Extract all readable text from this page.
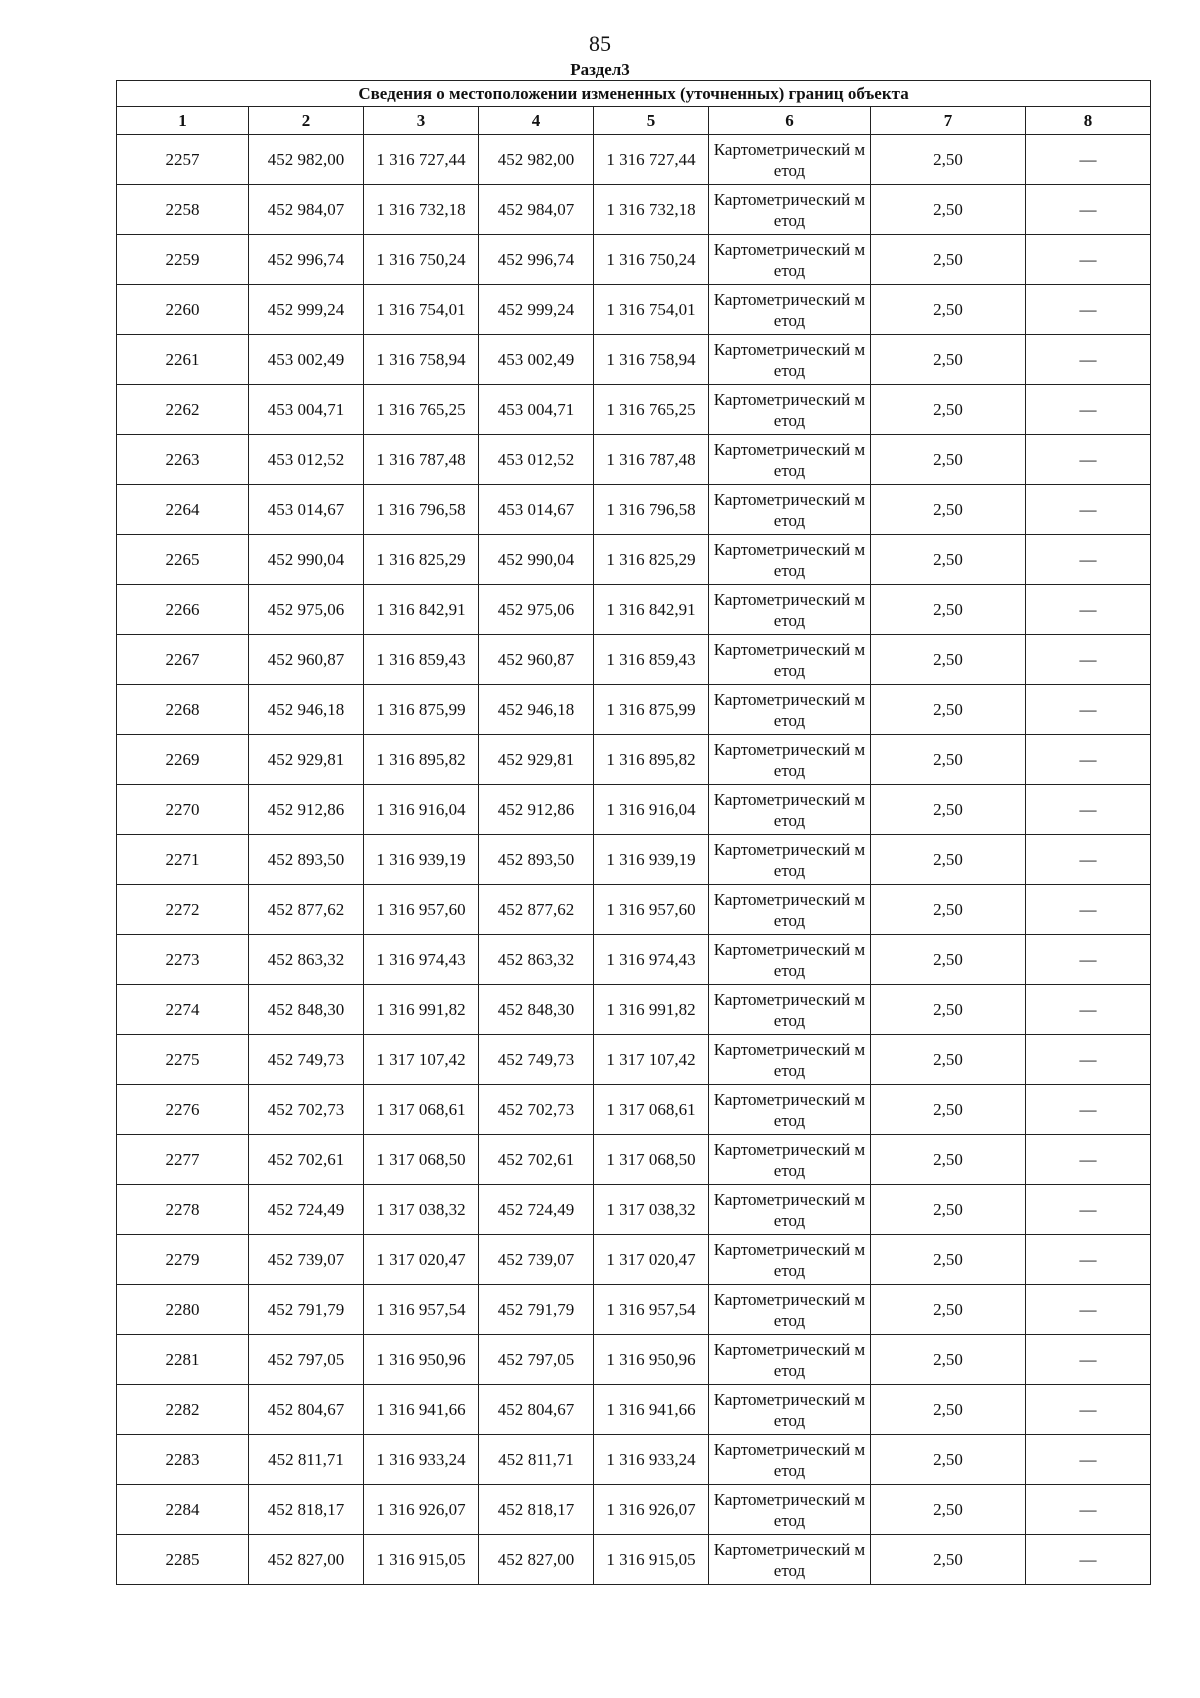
85
Раздел3
Сведения о местоположении измененных (уточненных) границ объекта							
1	2	3	4	5	6	7	8
2257	452 982,00	1 316 727,44	452 982,00	1 316 727,44	Картометрический метод	2,50	—
2258	452 984,07	1 316 732,18	452 984,07	1 316 732,18	Картометрический метод	2,50	—
2259	452 996,74	1 316 750,24	452 996,74	1 316 750,24	Картометрический метод	2,50	—
2260	452 999,24	1 316 754,01	452 999,24	1 316 754,01	Картометрический метод	2,50	—
2261	453 002,49	1 316 758,94	453 002,49	1 316 758,94	Картометрический метод	2,50	—
2262	453 004,71	1 316 765,25	453 004,71	1 316 765,25	Картометрический метод	2,50	—
2263	453 012,52	1 316 787,48	453 012,52	1 316 787,48	Картометрический метод	2,50	—
2264	453 014,67	1 316 796,58	453 014,67	1 316 796,58	Картометрический метод	2,50	—
2265	452 990,04	1 316 825,29	452 990,04	1 316 825,29	Картометрический метод	2,50	—
2266	452 975,06	1 316 842,91	452 975,06	1 316 842,91	Картометрический метод	2,50	—
2267	452 960,87	1 316 859,43	452 960,87	1 316 859,43	Картометрический метод	2,50	—
2268	452 946,18	1 316 875,99	452 946,18	1 316 875,99	Картометрический метод	2,50	—
2269	452 929,81	1 316 895,82	452 929,81	1 316 895,82	Картометрический метод	2,50	—
2270	452 912,86	1 316 916,04	452 912,86	1 316 916,04	Картометрический метод	2,50	—
2271	452 893,50	1 316 939,19	452 893,50	1 316 939,19	Картометрический метод	2,50	—
2272	452 877,62	1 316 957,60	452 877,62	1 316 957,60	Картометрический метод	2,50	—
2273	452 863,32	1 316 974,43	452 863,32	1 316 974,43	Картометрический метод	2,50	—
2274	452 848,30	1 316 991,82	452 848,30	1 316 991,82	Картометрический метод	2,50	—
2275	452 749,73	1 317 107,42	452 749,73	1 317 107,42	Картометрический метод	2,50	—
2276	452 702,73	1 317 068,61	452 702,73	1 317 068,61	Картометрический метод	2,50	—
2277	452 702,61	1 317 068,50	452 702,61	1 317 068,50	Картометрический метод	2,50	—
2278	452 724,49	1 317 038,32	452 724,49	1 317 038,32	Картометрический метод	2,50	—
2279	452 739,07	1 317 020,47	452 739,07	1 317 020,47	Картометрический метод	2,50	—
2280	452 791,79	1 316 957,54	452 791,79	1 316 957,54	Картометрический метод	2,50	—
2281	452 797,05	1 316 950,96	452 797,05	1 316 950,96	Картометрический метод	2,50	—
2282	452 804,67	1 316 941,66	452 804,67	1 316 941,66	Картометрический метод	2,50	—
2283	452 811,71	1 316 933,24	452 811,71	1 316 933,24	Картометрический метод	2,50	—
2284	452 818,17	1 316 926,07	452 818,17	1 316 926,07	Картометрический метод	2,50	—
2285	452 827,00	1 316 915,05	452 827,00	1 316 915,05	Картометрический метод	2,50	—
